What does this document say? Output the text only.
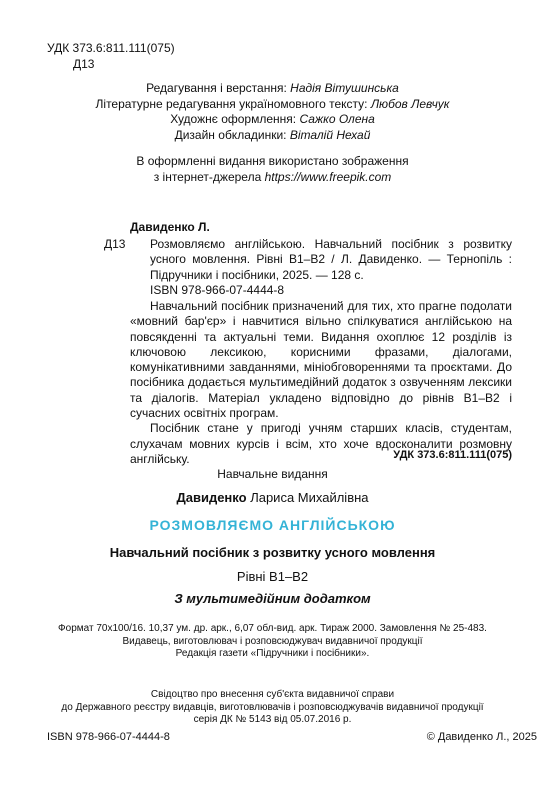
УДК 373.6:811.111(075)
Д13
Редагування і верстання: Надія Вітушинська
Літературне редагування україномовного тексту: Любов Левчук
Художнє оформлення: Сажко Олена
Дизайн обкладинки: Віталій Нехай
В оформленні видання використано зображення
з інтернет-джерела https://www.freepik.com
Давиденко Л.
Д13 Розмовляємо англійською. Навчальний посібник з розвитку усного мовлення. Рівні В1–В2 / Л. Давиденко. — Тернопіль : Підручники і посібники, 2025. — 128 с.
ISBN 978-966-07-4444-8

Навчальний посібник призначений для тих, хто прагне подолати «мовний бар'єр» і навчитися вільно спілкуватися англійською на повсякденні та актуальні теми. Видання охоплює 12 розділів із ключовою лексикою, корисними фразами, діалогами, комунікативними завданнями, мініобговореннями та проєктами. До посібника додається мультимедійний додаток з озвученням лексики та діалогів. Матеріал укладено відповідно до рівнів В1–В2 і сучасних освітніх програм.

Посібник стане у пригоді учням старших класів, студентам, слухачам мовних курсів і всім, хто хоче вдосконалити розмовну англійську.	УДК 373.6:811.111(075)
Навчальне видання
Давиденко Лариса Михайлівна
РОЗМОВЛЯЄМО АНГЛІЙСЬКОЮ
Навчальний посібник з розвитку усного мовлення
Рівні В1–В2
З мультимедійним додатком
Формат 70x100/16. 10,37 ум. др. арк., 6,07 обл-вид. арк. Тираж 2000. Замовлення № 25-483.
Видавець, виготовлювач і розповсюджувач видавничої продукції
Редакція газети «Підручники і посібники».
Свідоцтво про внесення суб'єкта видавничої справи
до Державного реєстру видавців, виготовлювачів і розповсюджувачів видавничої продукції
серія ДК № 5143 від 05.07.2016 р.
ISBN 978-966-07-4444-8	© Давиденко Л., 2025
